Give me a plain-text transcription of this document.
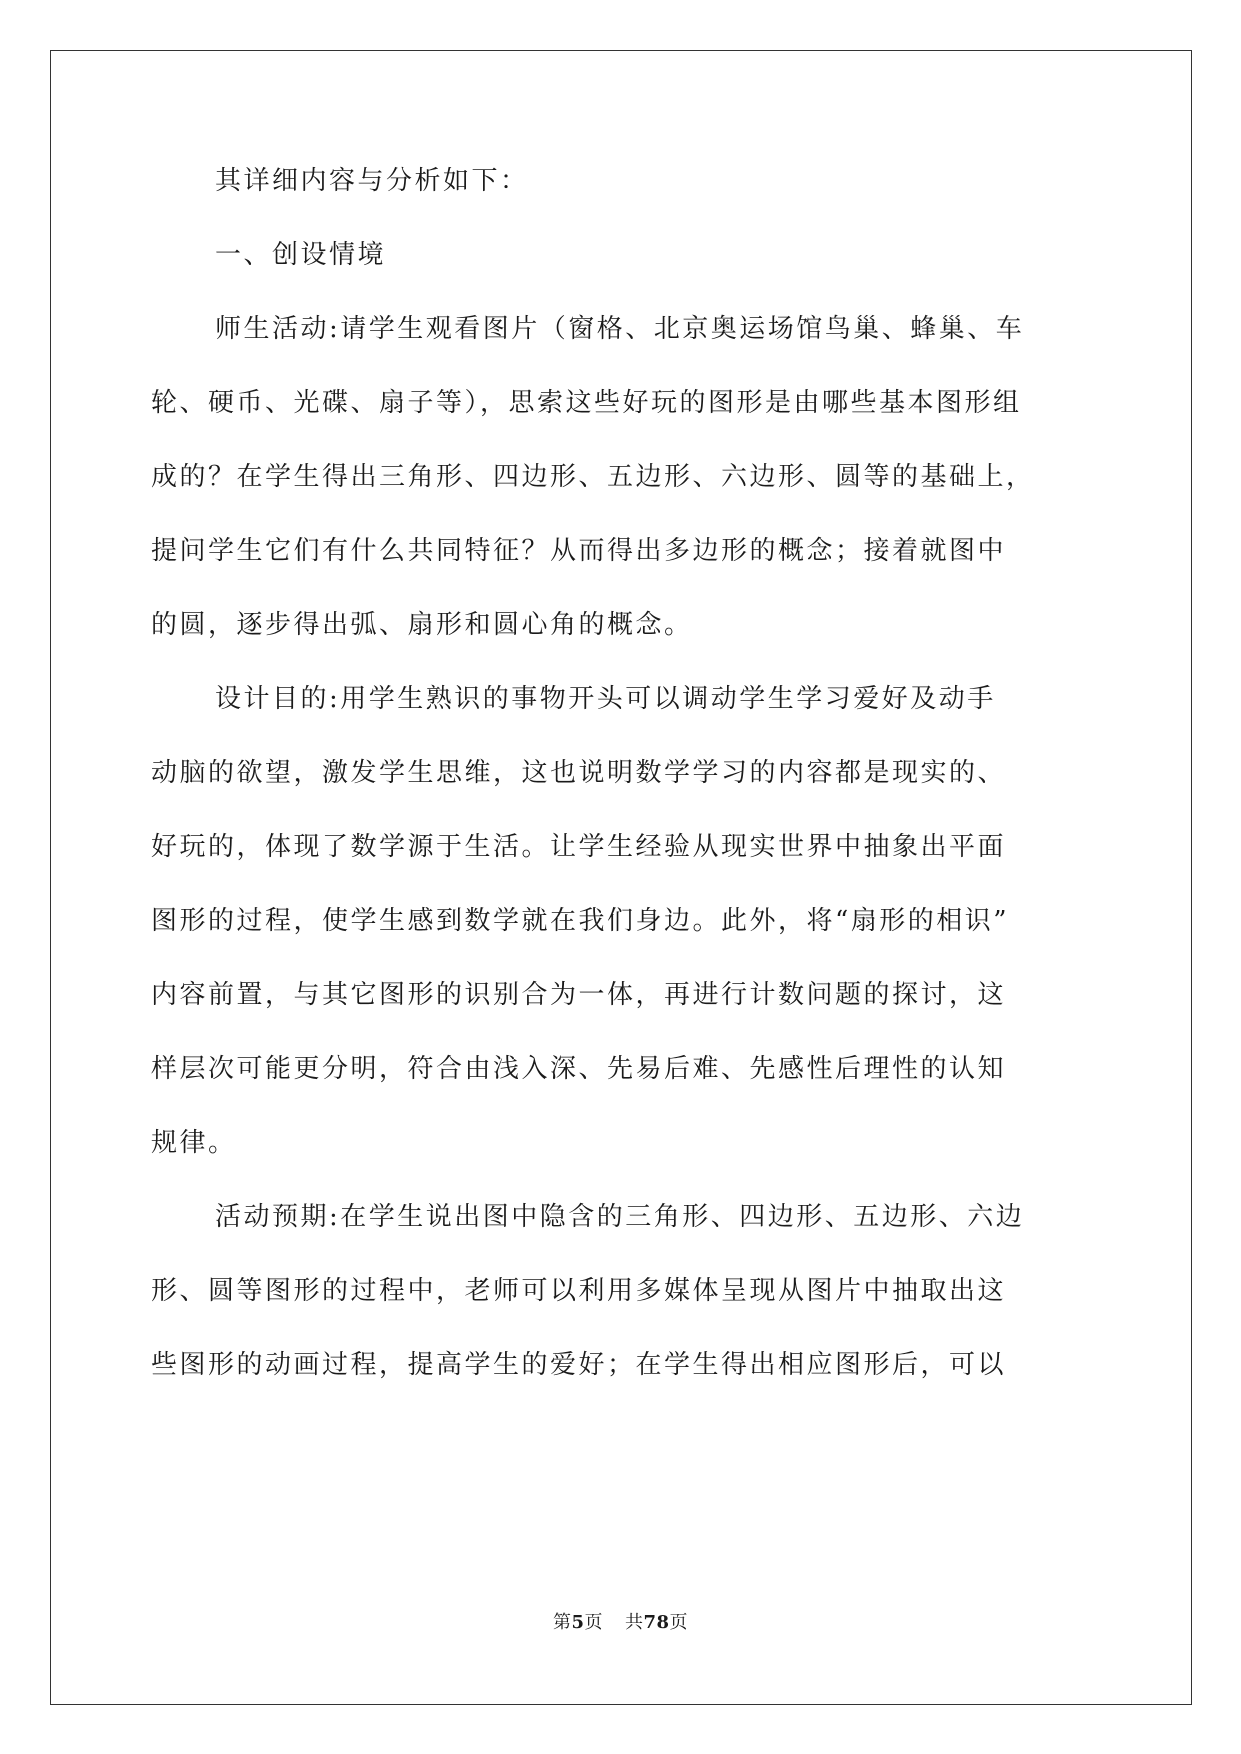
其详细内容与分析如下：
一、创设情境
师生活动:请学生观看图片（窗格、北京奥运场馆鸟巢、蜂巢、车
轮、硬币、光碟、扇子等），思索这些好玩的图形是由哪些基本图形组
成的？在学生得出三角形、四边形、五边形、六边形、圆等的基础上，
提问学生它们有什么共同特征？从而得出多边形的概念；接着就图中
的圆，逐步得出弧、扇形和圆心角的概念。
设计目的:用学生熟识的事物开头可以调动学生学习爱好及动手
动脑的欲望，激发学生思维，这也说明数学学习的内容都是现实的、
好玩的，体现了数学源于生活。让学生经验从现实世界中抽象出平面
图形的过程，使学生感到数学就在我们身边。此外，将“扇形的相识”
内容前置，与其它图形的识别合为一体，再进行计数问题的探讨，这
样层次可能更分明，符合由浅入深、先易后难、先感性后理性的认知
规律。
活动预期:在学生说出图中隐含的三角形、四边形、五边形、六边
形、圆等图形的过程中，老师可以利用多媒体呈现从图片中抽取出这
些图形的动画过程，提高学生的爱好；在学生得出相应图形后，可以
第5页 共78页
